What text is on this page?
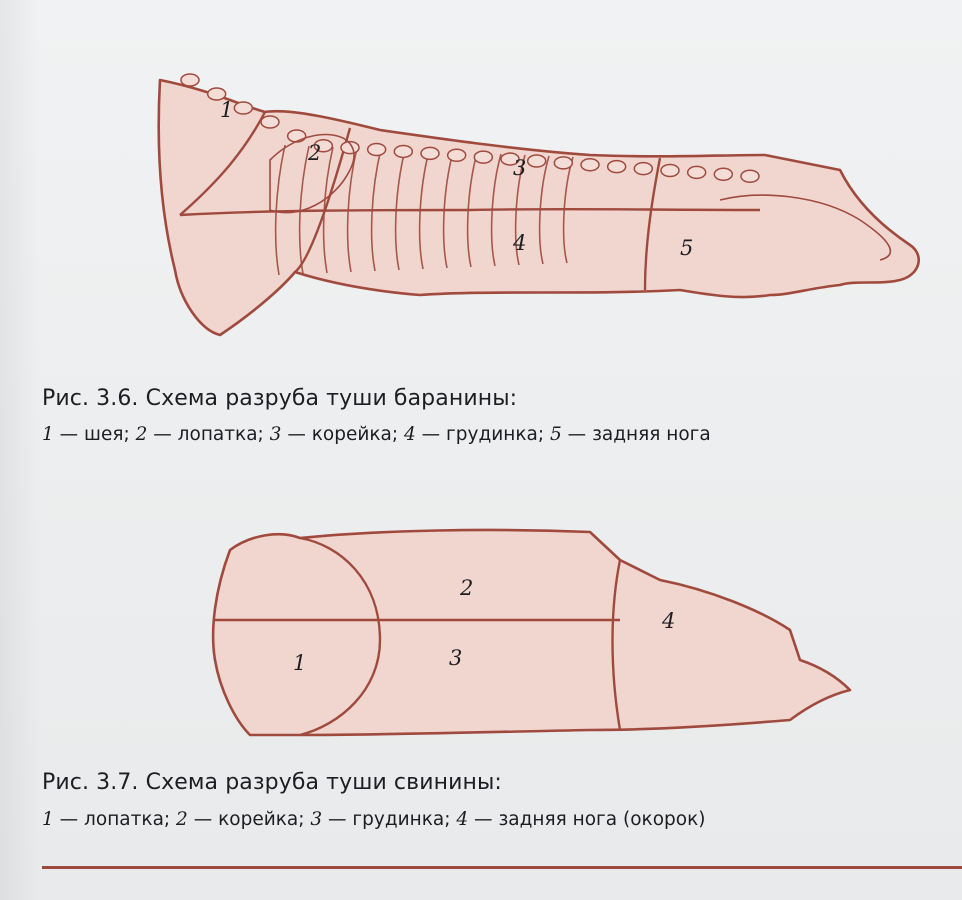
1
2
3
4	5
Рис. 3.6. Схема разруба туши баранины:
1 — шея; 2 — лопатка; 3 — корейка; 4 — грудинка; 5 — задняя нога
1
2
3
4
Рис. 3.7. Схема разруба туши свинины:
1 — лопатка; 2 — корейка; 3 — грудинка; 4 — задняя нога (окорок)
